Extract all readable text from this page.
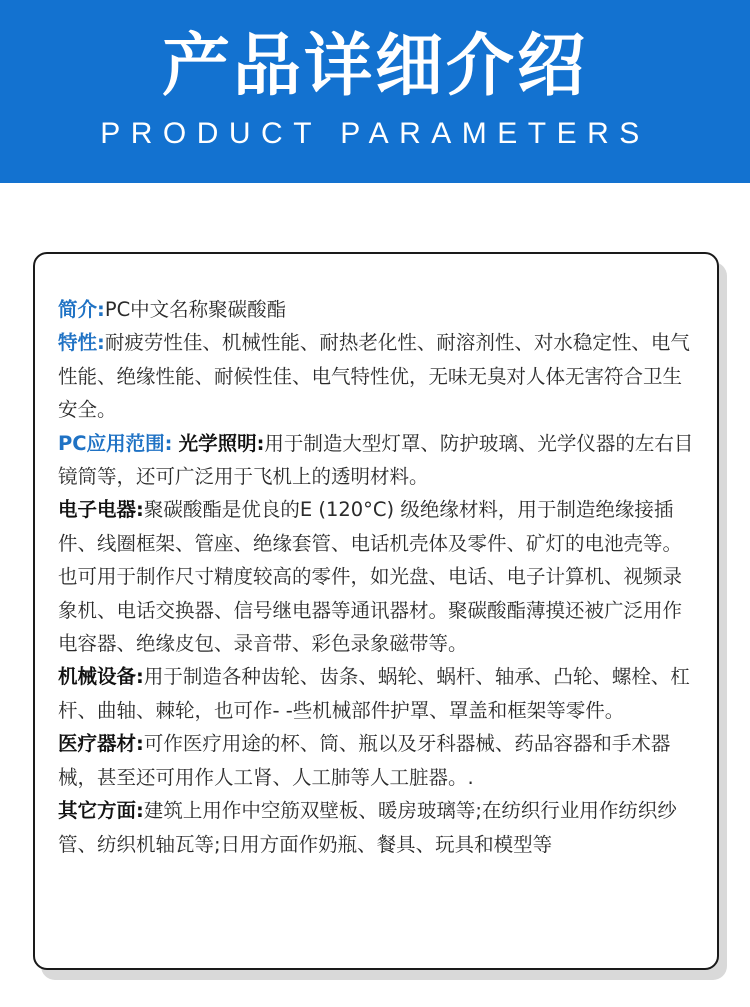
产品详细介绍
PRODUCT PARAMETERS

简介:PC中文名称聚碳酸酯

特性:耐疲劳性佳、机械性能、耐热老化性、耐溶剂性、对水稳定性、电气性能、绝缘性能、耐候性佳、电气特性优，无味无臭对人体无害符合卫生安全。

PC应用范围: 光学照明:用于制造大型灯罩、防护玻璃、光学仪器的左右目镜筒等，还可广泛用于飞机上的透明材料。

电子电器:聚碳酸酯是优良的E (120°C) 级绝缘材料，用于制造绝缘接插件、线圈框架、管座、绝缘套管、电话机壳体及零件、矿灯的电池壳等。也可用于制作尺寸精度较高的零件，如光盘、电话、电子计算机、视频录象机、电话交换器、信号继电器等通讯器材。聚碳酸酯薄摸还被广泛用作电容器、绝缘皮包、录音带、彩色录象磁带等。

机械设备:用于制造各种齿轮、齿条、蜗轮、蜗杆、轴承、凸轮、螺栓、杠杆、曲轴、棘轮，也可作- -些机械部件护罩、罩盖和框架等零件。

医疗器材:可作医疗用途的杯、筒、瓶以及牙科器械、药品容器和手术器械，甚至还可用作人工肾、人工肺等人工脏器。.

其它方面:建筑上用作中空筋双壁板、暖房玻璃等;在纺织行业用作纺织纱管、纺织机轴瓦等;日用方面作奶瓶、餐具、玩具和模型等
